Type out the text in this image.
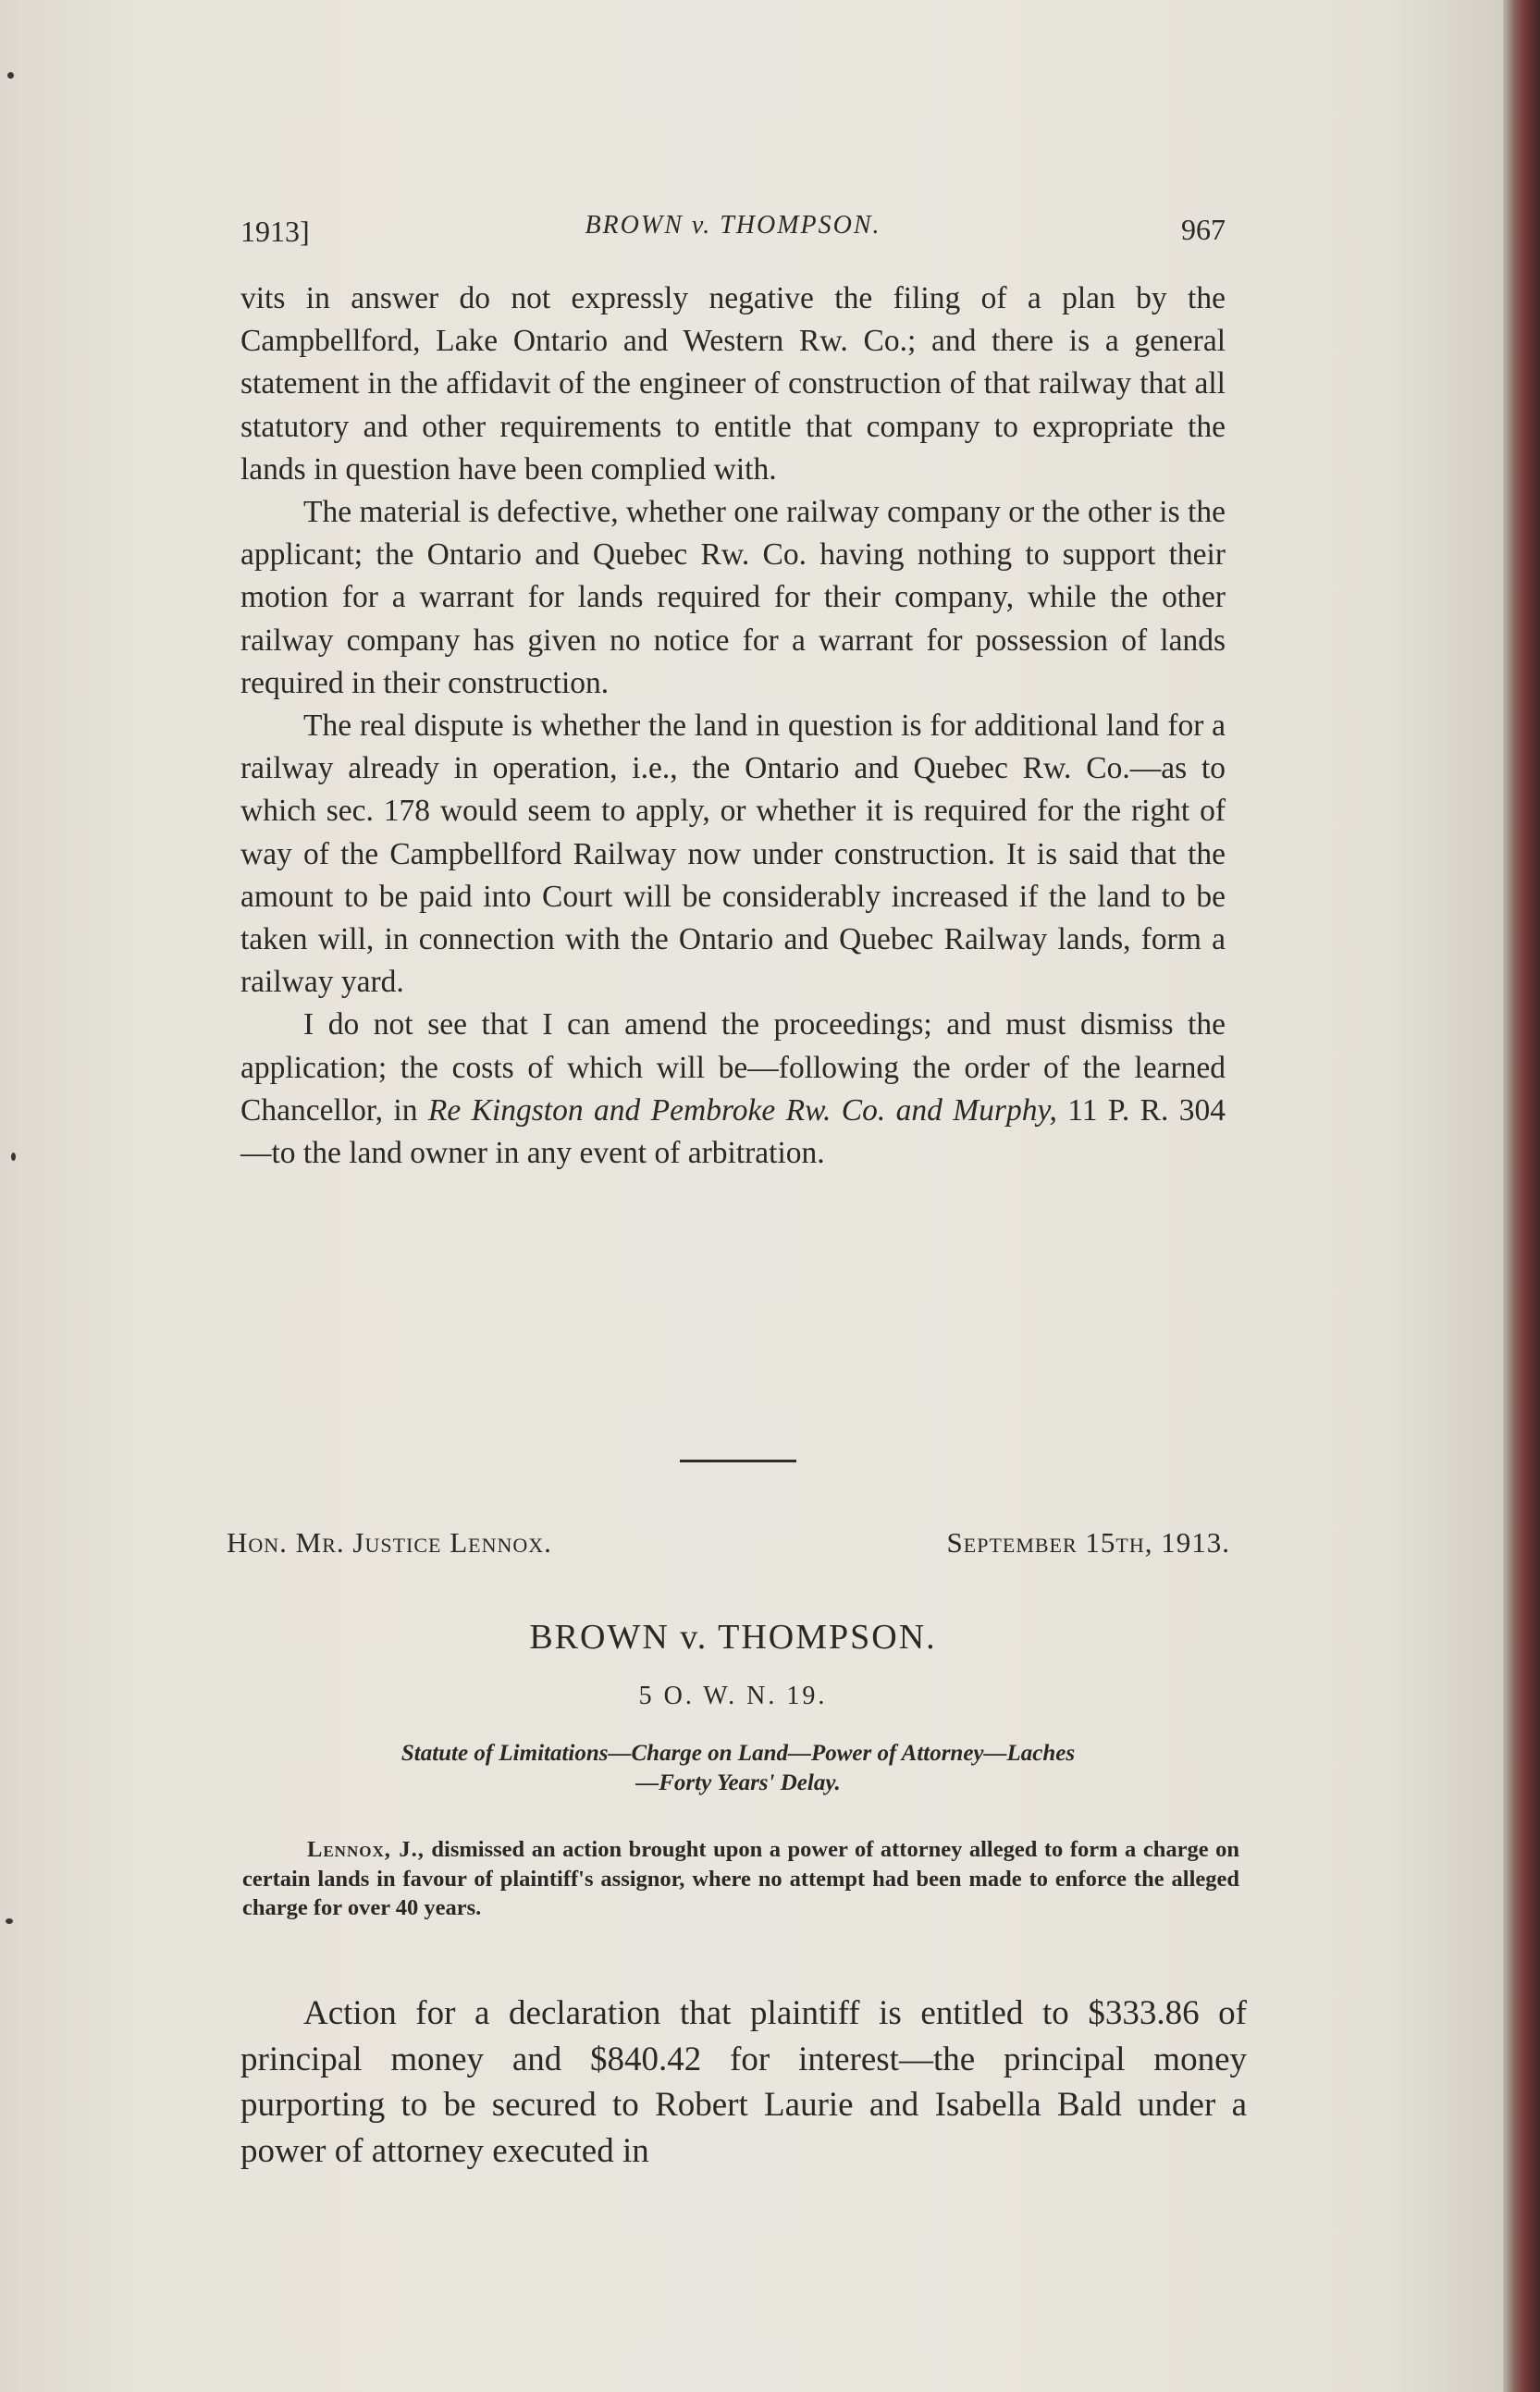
1913]	BROWN v. THOMPSON.	967

vits in answer do not expressly negative the filing of a plan by the Campbellford, Lake Ontario and Western Rw. Co.; and there is a general statement in the affidavit of the engineer of construction of that railway that all statutory and other requirements to entitle that company to expropriate the lands in question have been complied with.

The material is defective, whether one railway company or the other is the applicant; the Ontario and Quebec Rw. Co. having nothing to support their motion for a warrant for lands required for their company, while the other railway company has given no notice for a warrant for possession of lands required in their construction.

The real dispute is whether the land in question is for additional land for a railway already in operation, i.e., the Ontario and Quebec Rw. Co.—as to which sec. 178 would seem to apply, or whether it is required for the right of way of the Campbellford Railway now under construction. It is said that the amount to be paid into Court will be considerably increased if the land to be taken will, in connection with the Ontario and Quebec Railway lands, form a railway yard.

I do not see that I can amend the proceedings; and must dismiss the application; the costs of which will be—following the order of the learned Chancellor, in Re Kingston and Pembroke Rw. Co. and Murphy, 11 P. R. 304 —to the land owner in any event of arbitration.

Hon. Mr. Justice Lennox.	September 15th, 1913.
BROWN v. THOMPSON.
5 O. W. N. 19.
Statute of Limitations—Charge on Land—Power of Attorney—Laches
—Forty Years' Delay.
Lennox, J., dismissed an action brought upon a power of attorney alleged to form a charge on certain lands in favour of plaintiff's assignor, where no attempt had been made to enforce the alleged charge for over 40 years.

Action for a declaration that plaintiff is entitled to $333.86 of principal money and $840.42 for interest—the principal money purporting to be secured to Robert Laurie and Isabella Bald under a power of attorney executed in
